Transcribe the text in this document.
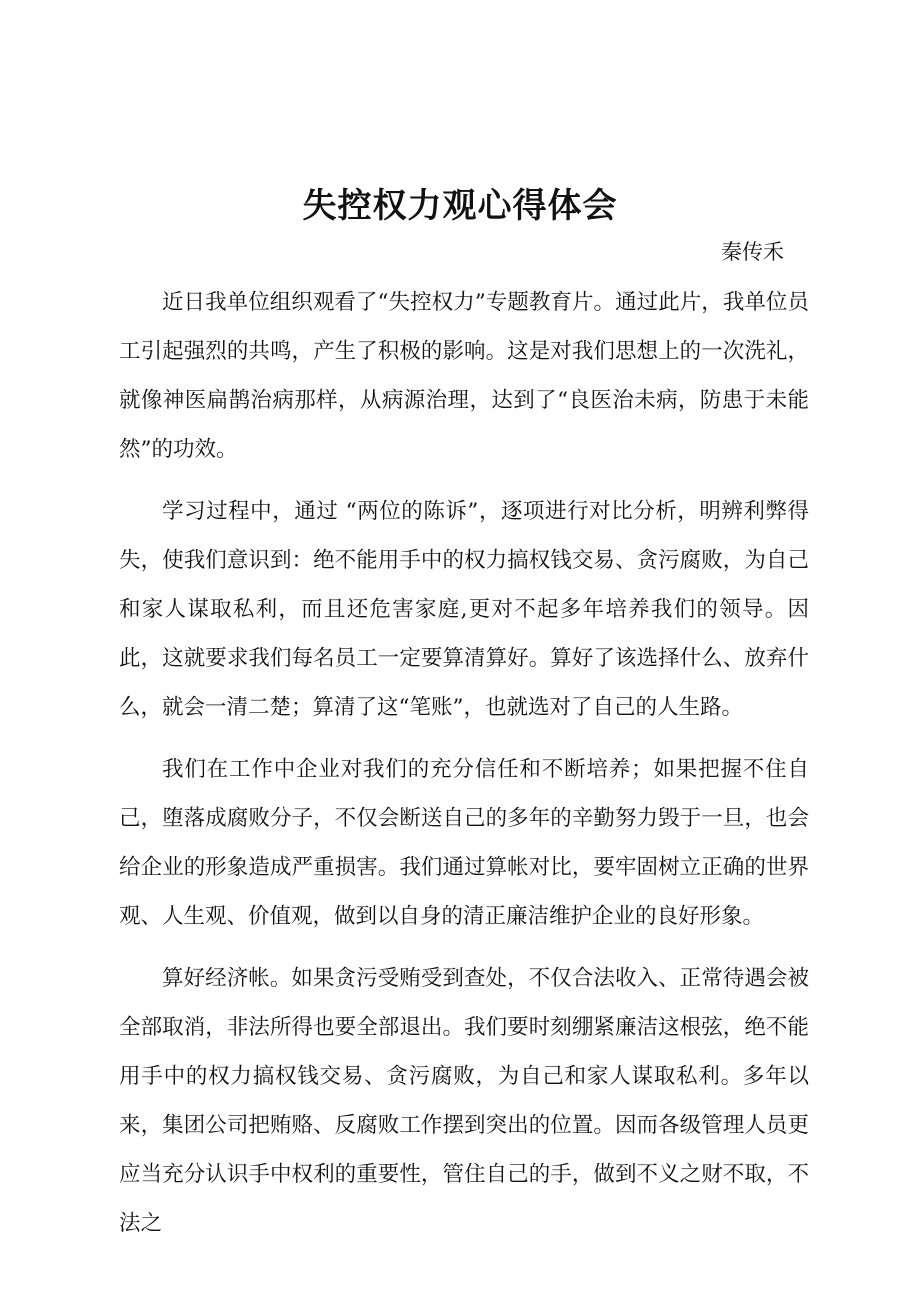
失控权力观心得体会

秦传禾

近日我单位组织观看了“失控权力”专题教育片。通过此片，我单位员工引起强烈的共鸣，产生了积极的影响。这是对我们思想上的一次洗礼，就像神医扁鹊治病那样，从病源治理，达到了“良医治未病，防患于未能然”的功效。

学习过程中，通过 “两位的陈诉”，逐项进行对比分析，明辨利弊得失，使我们意识到：绝不能用手中的权力搞权钱交易、贪污腐败，为自己和家人谋取私利，而且还危害家庭,更对不起多年培养我们的领导。因此，这就要求我们每名员工一定要算清算好。算好了该选择什么、放弃什么，就会一清二楚；算清了这“笔账”，也就选对了自己的人生路。

我们在工作中企业对我们的充分信任和不断培养；如果把握不住自己，堕落成腐败分子，不仅会断送自己的多年的辛勤努力毁于一旦，也会给企业的形象造成严重损害。我们通过算帐对比，要牢固树立正确的世界观、人生观、价值观，做到以自身的清正廉洁维护企业的良好形象。

算好经济帐。如果贪污受贿受到查处，不仅合法收入、正常待遇会被全部取消，非法所得也要全部退出。我们要时刻绷紧廉洁这根弦，绝不能用手中的权力搞权钱交易、贪污腐败，为自己和家人谋取私利。多年以来，集团公司把贿赂、反腐败工作摆到突出的位置。因而各级管理人员更应当充分认识手中权利的重要性，管住自己的手，做到不义之财不取，不法之
